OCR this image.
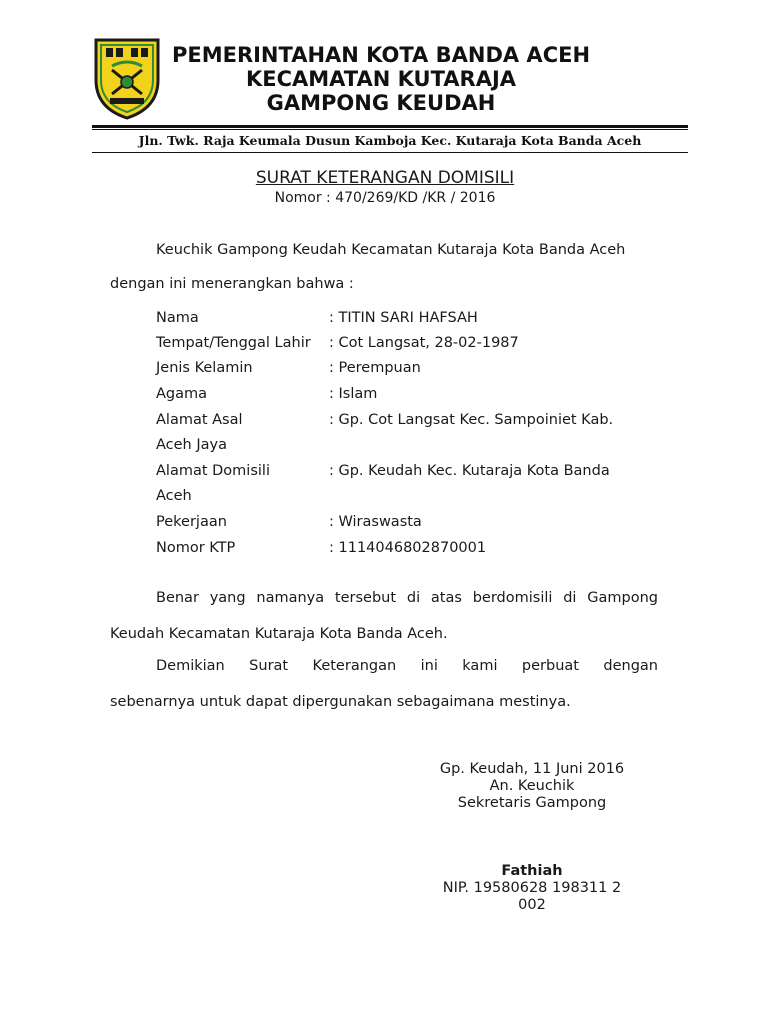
PEMERINTAHAN KOTA BANDA ACEH
KECAMATAN KUTARAJA
GAMPONG KEUDAH
Jln. Twk. Raja Keumala Dusun Kamboja Kec. Kutaraja Kota Banda Aceh
SURAT KETERANGAN DOMISILI
Nomor : 470/269/KD /KR / 2016
Keuchik Gampong Keudah Kecamatan Kutaraja Kota Banda Aceh
dengan ini menerangkan bahwa :
Nama	: TITIN SARI HAFSAH
Tempat/Tenggal Lahir : Cot Langsat, 28-02-1987
Jenis Kelamin	: Perempuan
Agama	: Islam
Alamat Asal	: Gp. Cot Langsat Kec. Sampoiniet Kab.
Aceh Jaya
Alamat Domisili	: Gp. Keudah Kec. Kutaraja Kota Banda
Aceh
Pekerjaan	: Wiraswasta
Nomor KTP	: 1114046802870001
Benar yang namanya tersebut di atas berdomisili di Gampong
Keudah Kecamatan Kutaraja Kota Banda Aceh.
Demikian Surat Keterangan ini kami perbuat dengan
sebenarnya untuk dapat dipergunakan sebagaimana mestinya.
Gp. Keudah, 11 Juni 2016
An. Keuchik
Sekretaris Gampong
Fathiah
NIP. 19580628 198311 2
002
